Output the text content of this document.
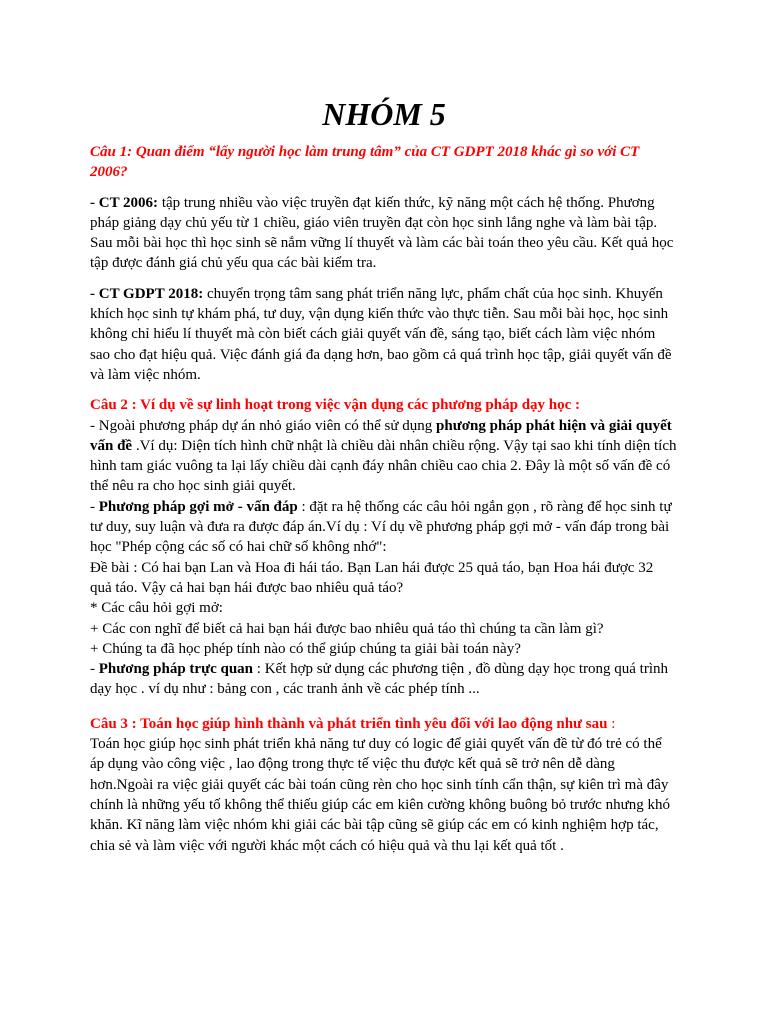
NHÓM 5

Câu 1: Quan điểm “lấy người học làm trung tâm” của CT GDPT 2018 khác gì so với CT 2006?

- CT 2006: tập trung nhiều vào việc truyền đạt kiến thức, kỹ năng một cách hệ thống. Phương pháp giảng dạy chủ yếu từ 1 chiều, giáo viên truyền đạt còn học sinh lắng nghe và làm bài tập. Sau mỗi bài học thì học sinh sẽ nắm vững lí thuyết và làm các bài toán theo yêu cầu. Kết quả học tập được đánh giá chủ yếu qua các bài kiểm tra.

- CT GDPT 2018: chuyển trọng tâm sang phát triển năng lực, phẩm chất của học sinh. Khuyến khích học sinh tự khám phá, tư duy, vận dụng kiến thức vào thực tiễn. Sau mỗi bài học, học sinh không chỉ hiểu lí thuyết mà còn biết cách giải quyết vấn đề, sáng tạo, biết cách làm việc nhóm sao cho đạt hiệu quả. Việc đánh giá đa dạng hơn, bao gồm cả quá trình học tập, giải quyết vấn đề và làm việc nhóm.

Câu 2 : Ví dụ về sự linh hoạt trong việc vận dụng các phương pháp dạy học :

- Ngoài phương pháp dự án nhỏ giáo viên có thể sử dụng phương pháp phát hiện và giải quyết vấn đề .Ví dụ: Diện tích hình chữ nhật là chiều dài nhân chiều rộng. Vậy tại sao khi tính diện tích hình tam giác vuông ta lại lấy chiều dài cạnh đáy nhân chiều cao chia 2. Đây là một số vấn đề có thể nêu ra cho học sinh giải quyết.

- Phương pháp gợi mở - vấn đáp : đặt ra hệ thống các câu hỏi ngắn gọn , rõ ràng để học sinh tự tư duy, suy luận và đưa ra được đáp án.Ví dụ : Ví dụ về phương pháp gợi mở - vấn đáp trong bài học "Phép cộng các số có hai chữ số không nhớ":

Đề bài : Có hai bạn Lan và Hoa đi hái táo. Bạn Lan hái được 25 quả táo, bạn Hoa hái được 32 quả táo. Vậy cả hai bạn hái được bao nhiêu quả táo?

* Các câu hỏi gợi mở:

+ Các con nghĩ để biết cả hai bạn hái được bao nhiêu quả táo thì chúng ta cần làm gì?

+ Chúng ta đã học phép tính nào có thể giúp chúng ta giải bài toán này?

- Phương pháp trực quan : Kết hợp sử dụng các phương tiện , đồ dùng dạy học trong quá trình dạy học . ví dụ như : bảng con , các tranh ảnh về các phép tính ...

Câu 3 : Toán học giúp hình thành và phát triển tình yêu đối với lao động như sau :

Toán học giúp học sinh phát triển khả năng tư duy có logic để giải quyết vấn đề từ đó trẻ có thể áp dụng vào công việc , lao động trong thực tế việc thu được kết quả sẽ trở nên dễ dàng hơn.Ngoài ra việc giải quyết các bài toán cũng rèn cho học sinh tính cẩn thận, sự kiên trì mà đây chính là những yếu tố không thể thiếu giúp các em kiên cường không buông bỏ trước nhưng khó khăn. Kĩ năng làm việc nhóm khi giải các bài tập cũng sẽ giúp các em có kinh nghiệm hợp tác, chia sẻ và làm việc với người khác một cách có hiệu quả và thu lại kết quả tốt .
